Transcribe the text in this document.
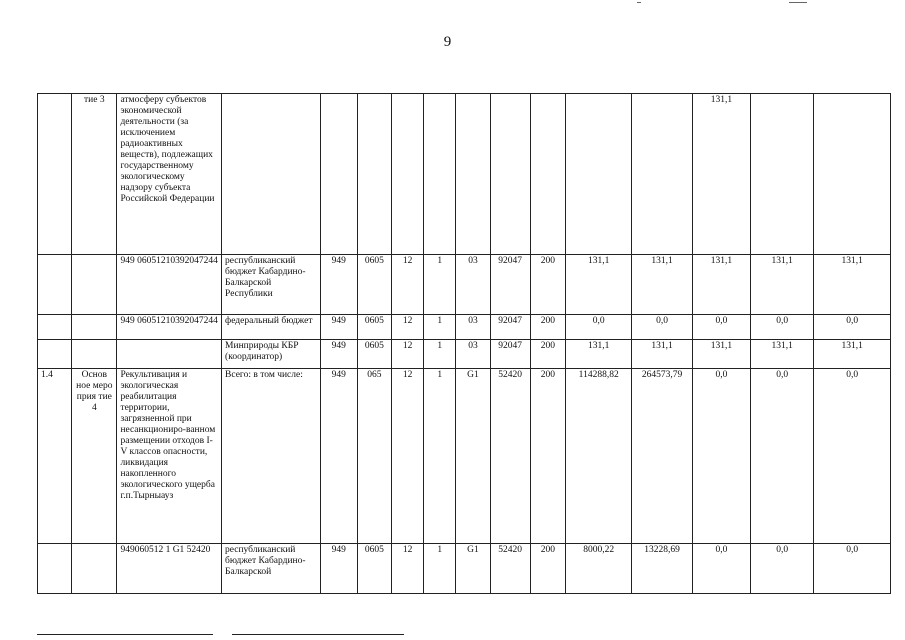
9
	тие 3	атмосферу субъектов экономической деятельности (за исключением радиоактивных веществ), подлежащих государственному экологическому надзору субъекта Российской Федерации											131,1		
		949 06051210392047244	республиканский бюджет Кабардино-Балкарской Республики	949	0605	12	1	03	92047	200	131,1	131,1	131,1	131,1	131,1
		949 06051210392047244	федеральный бюджет	949	0605	12	1	03	92047	200	0,0	0,0	0,0	0,0	0,0
			Минприроды КБР (координатор)	949	0605	12	1	03	92047	200	131,1	131,1	131,1	131,1	131,1
1.4	Основ ное меро прия тие 4	Рекультивация и экологическая реабилитация территории, загрязненной при несанкциониро-ванном размещении отходов I-V классов опасности, ликвидация накопленного экологического ущерба г.п.Тырныауз	Всего: в том числе:	949	065	12	1	G1	52420	200	114288,82	264573,79	0,0	0,0	0,0
		949060512 1 G1 52420	республиканский бюджет Кабардино-Балкарской	949	0605	12	1	G1	52420	200	8000,22	13228,69	0,0	0,0	0,0
